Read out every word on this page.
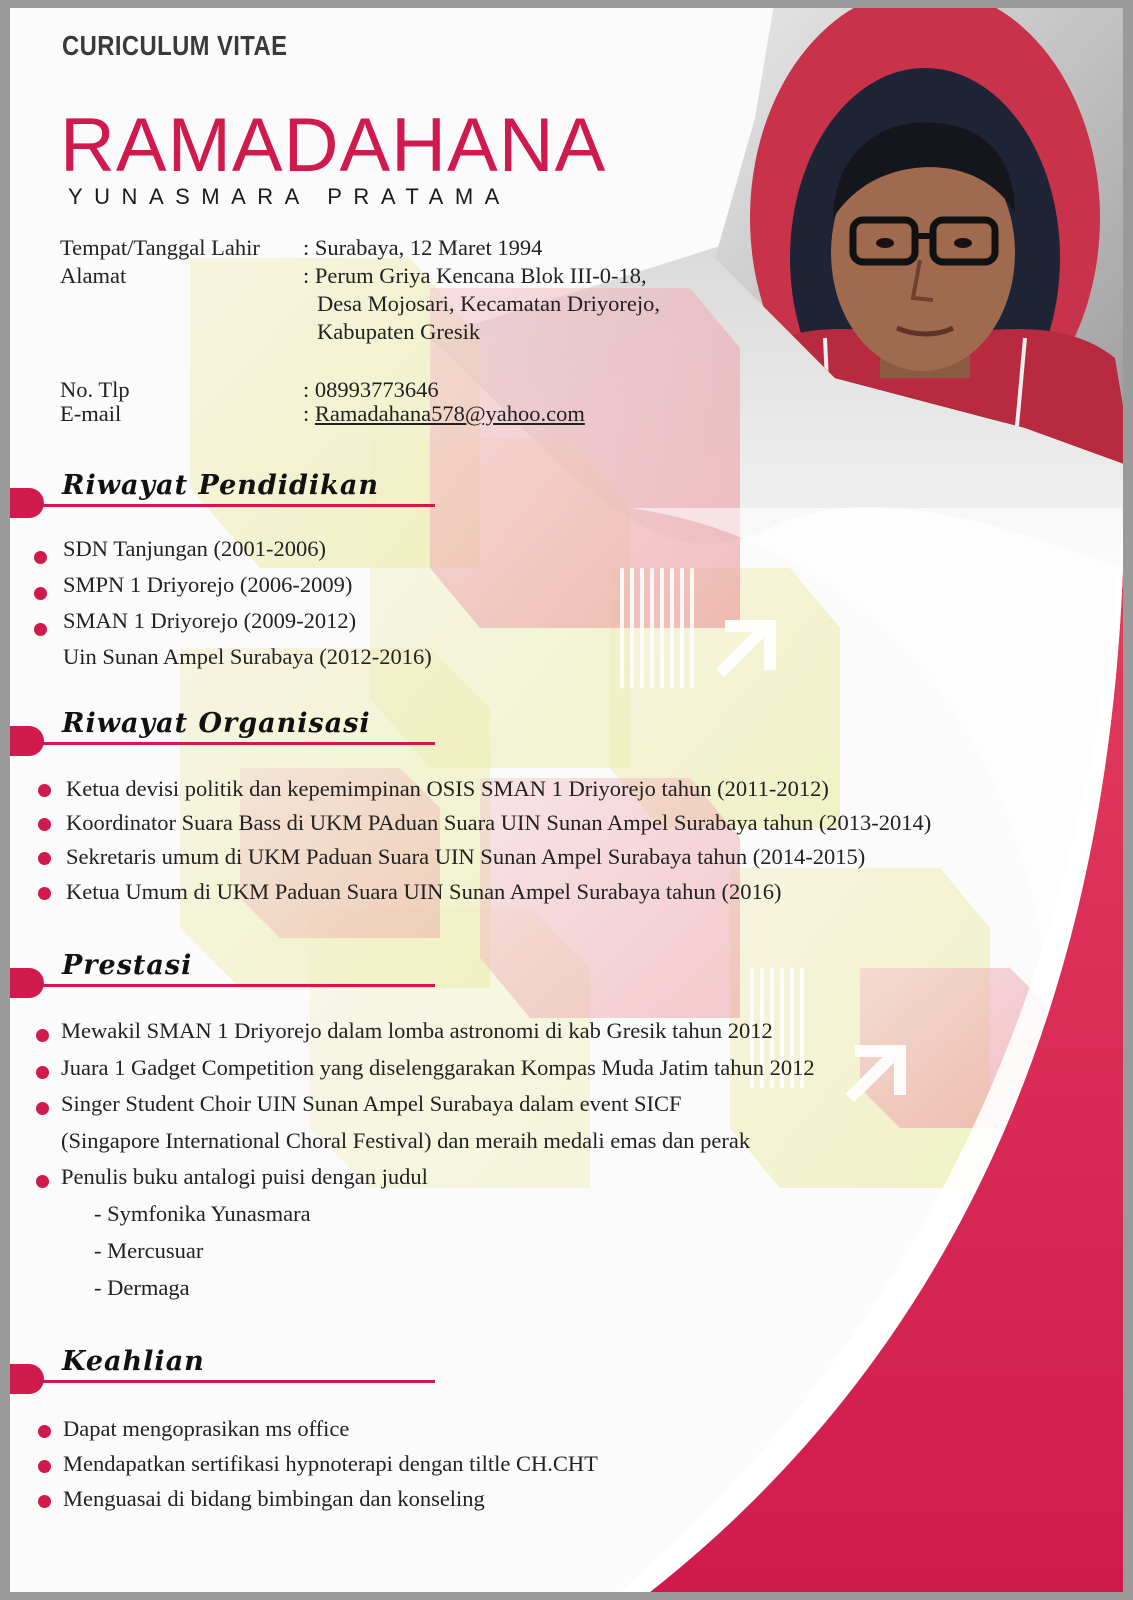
CURICULUM VITAE
RAMADAHANA
YUNASMARA PRATAMA
Tempat/Tanggal Lahir : Surabaya, 12 Maret 1994
Alamat	: Perum Griya Kencana Blok III-0-18,
Desa Mojosari, Kecamatan Driyorejo,
Kabupaten Gresik
No. Tlp	: 08993773646
E-mail	: Ramadahana578@yahoo.com
Riwayat Pendidikan
SDN Tanjungan (2001-2006)
SMPN 1 Driyorejo (2006-2009)
SMAN 1 Driyorejo (2009-2012)
Uin Sunan Ampel Surabaya (2012-2016)
Riwayat Organisasi
Ketua devisi politik dan kepemimpinan OSIS SMAN 1 Driyorejo tahun (2011-2012)
Koordinator Suara Bass di UKM PAduan Suara UIN Sunan Ampel Surabaya tahun (2013-2014)
Sekretaris umum di UKM Paduan Suara UIN Sunan Ampel Surabaya tahun (2014-2015)
Ketua Umum di UKM Paduan Suara UIN Sunan Ampel Surabaya tahun (2016)
Prestasi
Mewakil SMAN 1 Driyorejo dalam lomba astronomi di kab Gresik tahun 2012
Juara 1 Gadget Competition yang diselenggarakan Kompas Muda Jatim tahun 2012
Singer Student Choir UIN Sunan Ampel Surabaya dalam event SICF
(Singapore International Choral Festival) dan meraih medali emas dan perak
Penulis buku antalogi puisi dengan judul
- Symfonika Yunasmara
- Mercusuar
- Dermaga
Keahlian
Dapat mengoprasikan ms office
Mendapatkan sertifikasi hypnoterapi dengan tiltle CH.CHT
Menguasai di bidang bimbingan dan konseling
